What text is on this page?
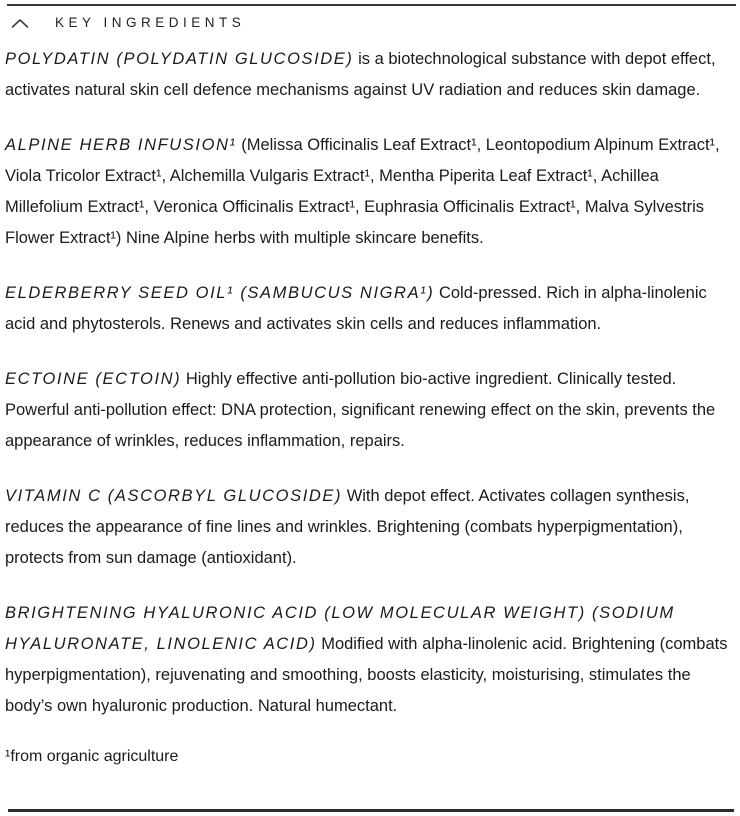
KEY INGREDIENTS

POLYDATIN (POLYDATIN GLUCOSIDE) is a biotechnological substance with depot effect, activates natural skin cell defence mechanisms against UV radiation and reduces skin damage.

ALPINE HERB INFUSION¹ (Melissa Officinalis Leaf Extract¹, Leontopodium Alpinum Extract¹, Viola Tricolor Extract¹, Alchemilla Vulgaris Extract¹, Mentha Piperita Leaf Extract¹, Achillea Millefolium Extract¹, Veronica Officinalis Extract¹, Euphrasia Officinalis Extract¹, Malva Sylvestris Flower Extract¹) Nine Alpine herbs with multiple skincare benefits.

ELDERBERRY SEED OIL¹ (SAMBUCUS NIGRA¹) Cold-pressed. Rich in alpha-linolenic acid and phytosterols. Renews and activates skin cells and reduces inflammation.

ECTOINE (ECTOIN) Highly effective anti-pollution bio-active ingredient. Clinically tested. Powerful anti-pollution effect: DNA protection, significant renewing effect on the skin, prevents the appearance of wrinkles, reduces inflammation, repairs.

VITAMIN C (ASCORBYL GLUCOSIDE) With depot effect. Activates collagen synthesis, reduces the appearance of fine lines and wrinkles. Brightening (combats hyperpigmentation), protects from sun damage (antioxidant).

BRIGHTENING HYALURONIC ACID (LOW MOLECULAR WEIGHT) (SODIUM HYALURONATE, LINOLENIC ACID) Modified with alpha-linolenic acid. Brightening (combats hyperpigmentation), rejuvenating and smoothing, boosts elasticity, moisturising, stimulates the body’s own hyaluronic production. Natural humectant.

¹from organic agriculture
